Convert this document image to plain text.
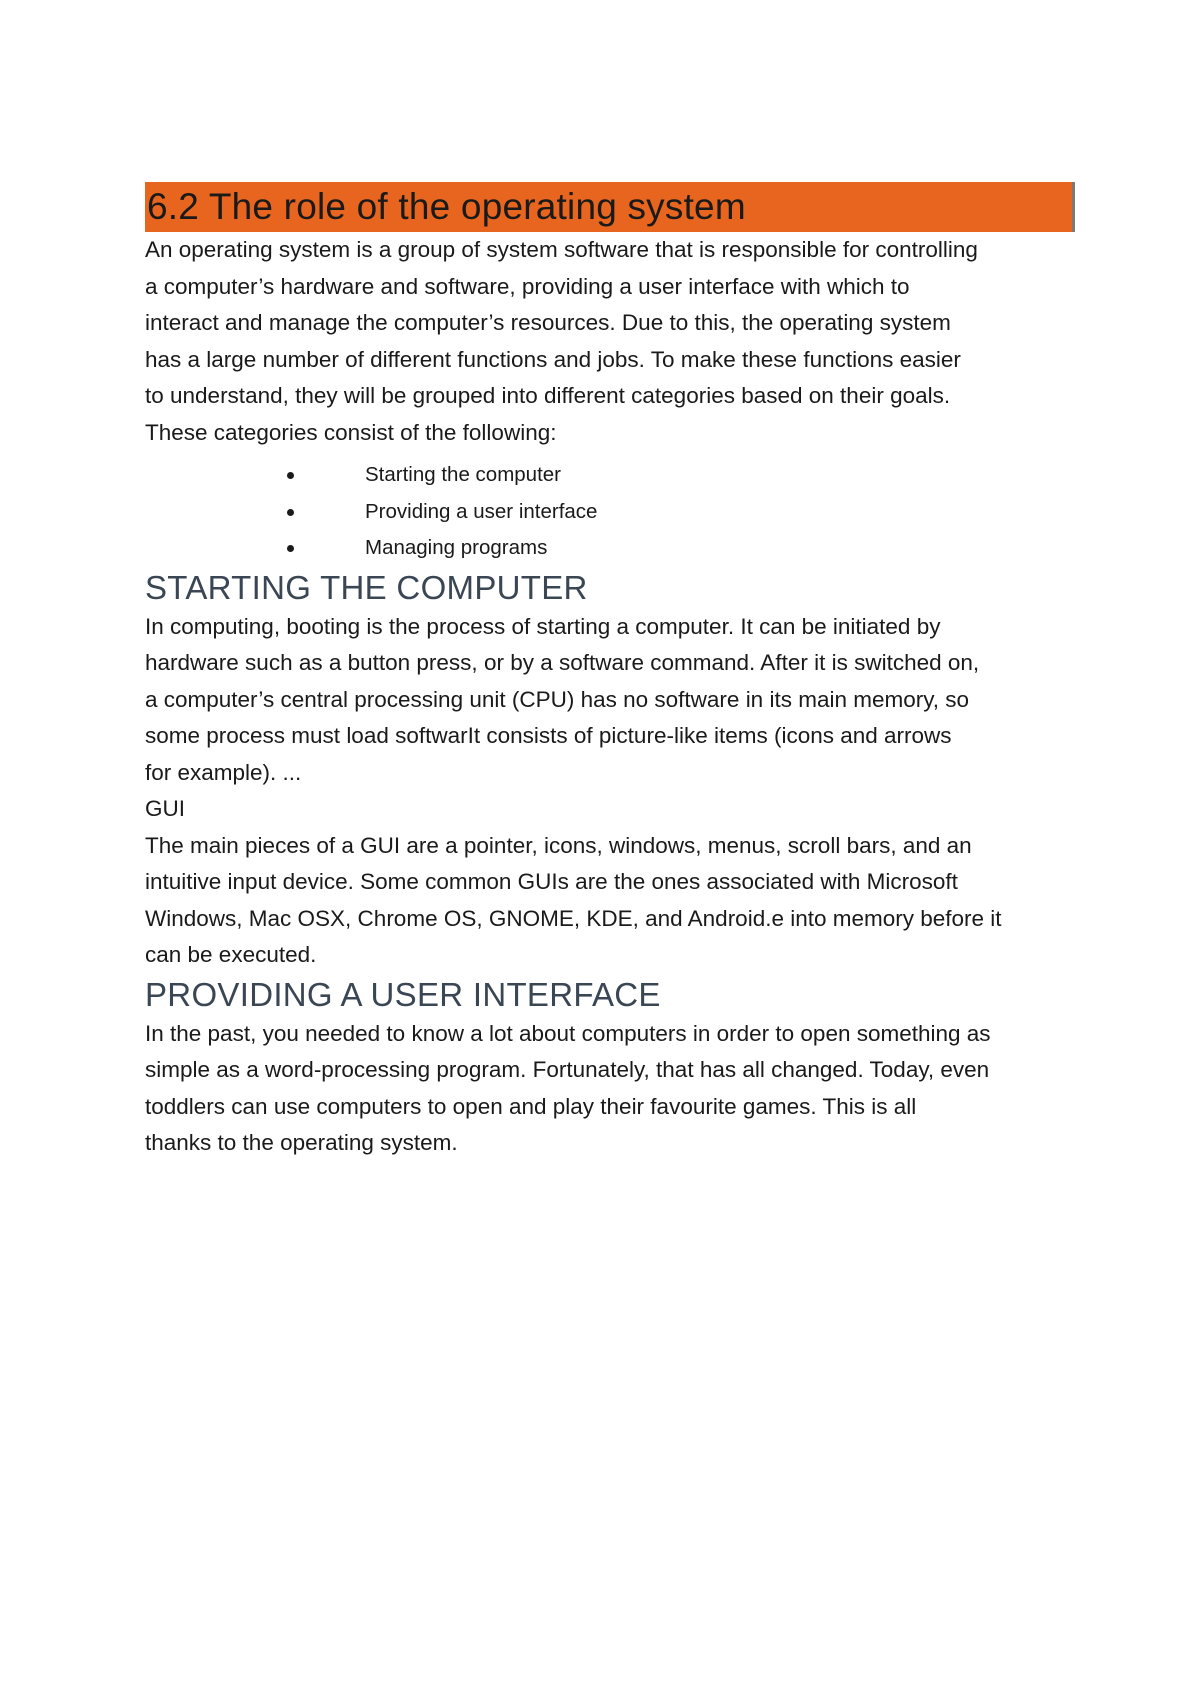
6.2 The role of the operating system

An operating system is a group of system software that is responsible for controlling
a computer’s hardware and software, providing a user interface with which to
interact and manage the computer’s resources. Due to this, the operating system
has a large number of different functions and jobs. To make these functions easier
to understand, they will be grouped into different categories based on their goals.

These categories consist of the following:

Starting the computer
Providing a user interface
Managing programs
STARTING THE COMPUTER

In computing, booting is the process of starting a computer. It can be initiated by
hardware such as a button press, or by a software command. After it is switched on,
a computer’s central processing unit (CPU) has no software in its main memory, so
some process must load softwarIt consists of picture-like items (icons and arrows
for example). ...
GUI
The main pieces of a GUI are a pointer, icons, windows, menus, scroll bars, and an
intuitive input device. Some common GUIs are the ones associated with Microsoft
Windows, Mac OSX, Chrome OS, GNOME, KDE, and Android.e into memory before it
can be executed.

PROVIDING A USER INTERFACE

In the past, you needed to know a lot about computers in order to open something as
simple as a word-processing program. Fortunately, that has all changed. Today, even
toddlers can use computers to open and play their favourite games. This is all
thanks to the operating system.
